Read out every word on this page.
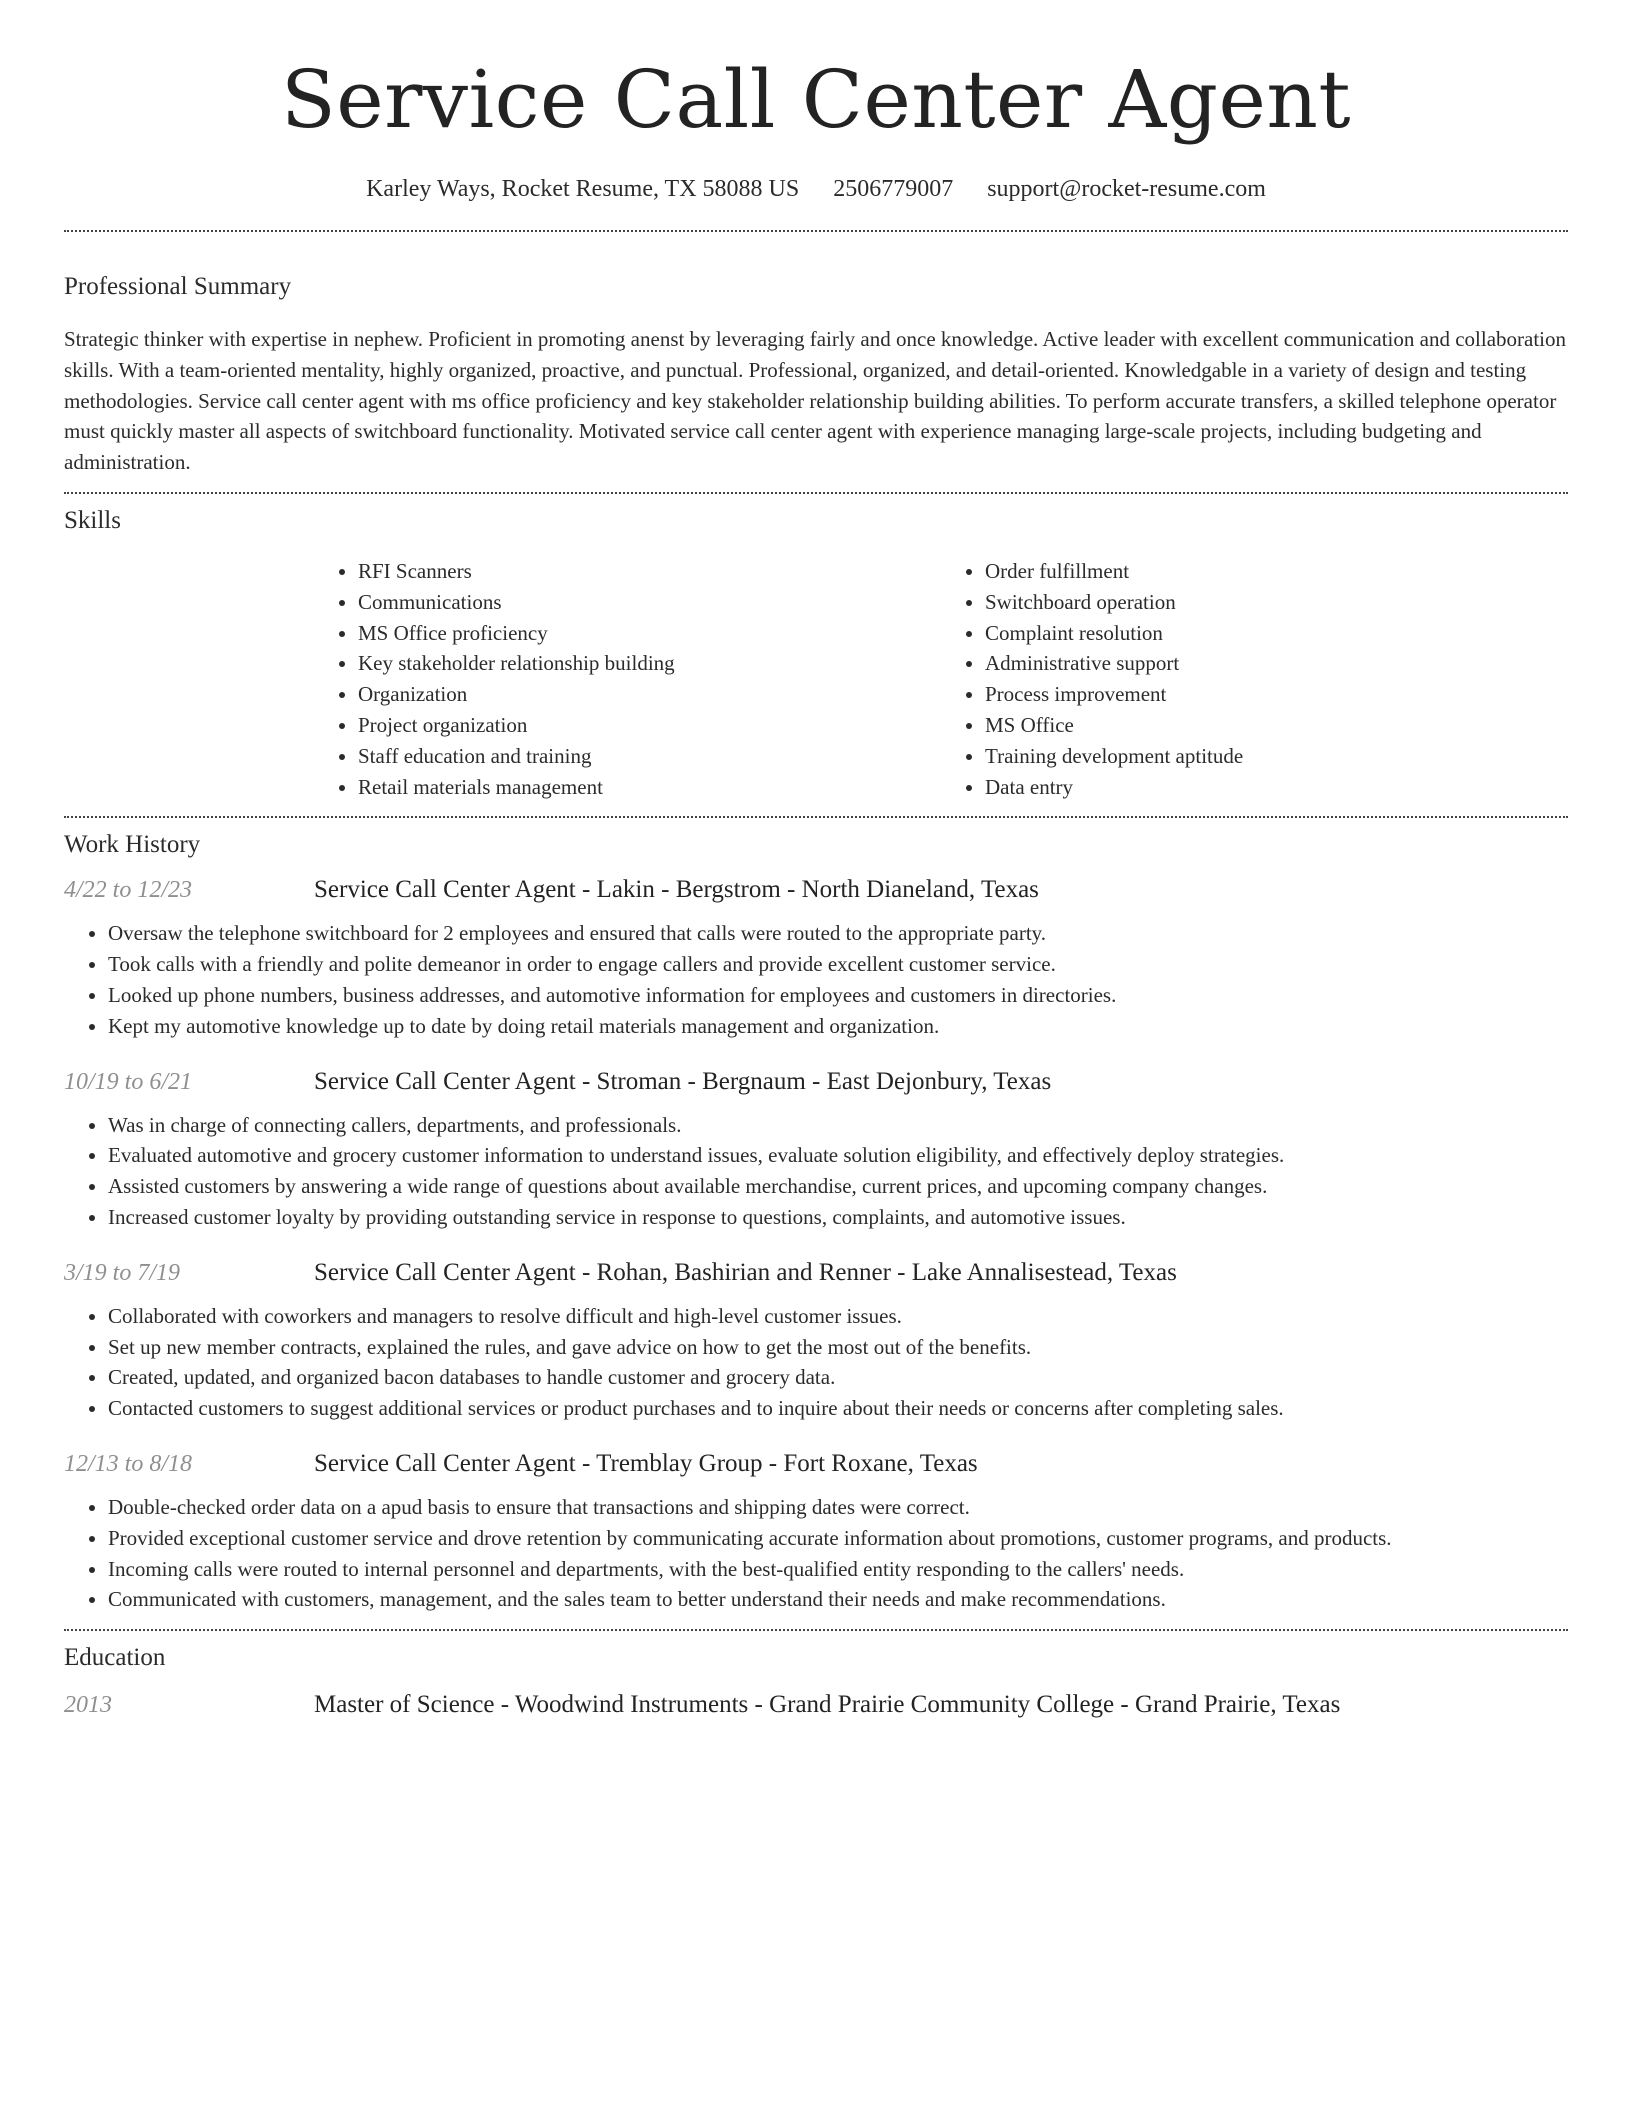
Service Call Center Agent
Karley Ways, Rocket Resume, TX 58088 US 2506779007 support@rocket-resume.com
Professional Summary

Strategic thinker with expertise in nephew. Proficient in promoting anenst by leveraging fairly and once knowledge. Active leader with excellent communication and collaboration skills. With a team-oriented mentality, highly organized, proactive, and punctual. Professional, organized, and detail-oriented. Knowledgable in a variety of design and testing methodologies. Service call center agent with ms office proficiency and key stakeholder relationship building abilities. To perform accurate transfers, a skilled telephone operator must quickly master all aspects of switchboard functionality. Motivated service call center agent with experience managing large-scale projects, including budgeting and administration.

Skills
• RFI Scanners
• Communications
• MS Office proficiency
• Key stakeholder relationship building
• Organization
• Project organization
• Staff education and training
• Retail materials management
• Order fulfillment
• Switchboard operation
• Complaint resolution
• Administrative support
• Process improvement
• MS Office
• Training development aptitude
• Data entry
Work History
4/22 to 12/23	Service Call Center Agent - Lakin - Bergstrom - North Dianeland, Texas
• Oversaw the telephone switchboard for 2 employees and ensured that calls were routed to the appropriate party.
• Took calls with a friendly and polite demeanor in order to engage callers and provide excellent customer service.
• Looked up phone numbers, business addresses, and automotive information for employees and customers in directories.
• Kept my automotive knowledge up to date by doing retail materials management and organization.
10/19 to 6/21	Service Call Center Agent - Stroman - Bergnaum - East Dejonbury, Texas
• Was in charge of connecting callers, departments, and professionals.
• Evaluated automotive and grocery customer information to understand issues, evaluate solution eligibility, and effectively deploy strategies.
• Assisted customers by answering a wide range of questions about available merchandise, current prices, and upcoming company changes.
• Increased customer loyalty by providing outstanding service in response to questions, complaints, and automotive issues.
3/19 to 7/19	Service Call Center Agent - Rohan, Bashirian and Renner - Lake Annalisestead, Texas
• Collaborated with coworkers and managers to resolve difficult and high-level customer issues.
• Set up new member contracts, explained the rules, and gave advice on how to get the most out of the benefits.
• Created, updated, and organized bacon databases to handle customer and grocery data.
• Contacted customers to suggest additional services or product purchases and to inquire about their needs or concerns after completing sales.
12/13 to 8/18	Service Call Center Agent - Tremblay Group - Fort Roxane, Texas
• Double-checked order data on a apud basis to ensure that transactions and shipping dates were correct.
• Provided exceptional customer service and drove retention by communicating accurate information about promotions, customer programs, and products.
• Incoming calls were routed to internal personnel and departments, with the best-qualified entity responding to the callers' needs.
• Communicated with customers, management, and the sales team to better understand their needs and make recommendations.
Education
2013	Master of Science - Woodwind Instruments - Grand Prairie Community College - Grand Prairie, Texas
